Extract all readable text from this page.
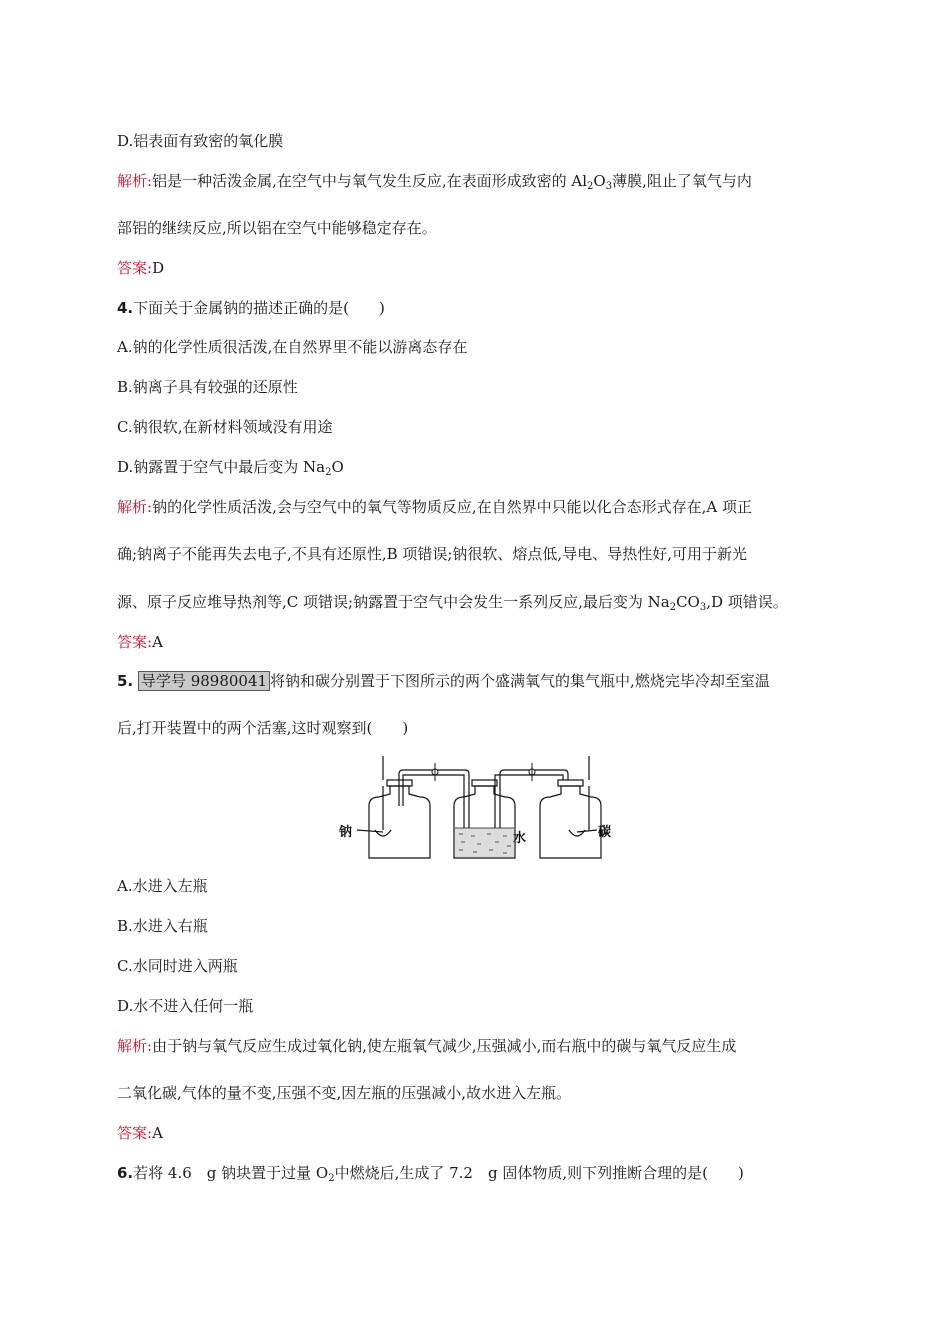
D.铝表面有致密的氧化膜
解析:铝是一种活泼金属,在空气中与氧气发生反应,在表面形成致密的 $Al_2O_3$薄膜,阻止了氧气与内
部铝的继续反应,所以铝在空气中能够稳定存在。
答案:D
4.下面关于金属钠的描述正确的是(　　)
A.钠的化学性质很活泼,在自然界里不能以游离态存在
B.钠离子具有较强的还原性
C.钠很软,在新材料领域没有用途
D.钠露置于空气中最后变为 $Na_2O$
解析:钠的化学性质活泼,会与空气中的氧气等物质反应,在自然界中只能以化合态形式存在,A 项正
确;钠离子不能再失去电子,不具有还原性,B 项错误;钠很软、熔点低,导电、导热性好,可用于新光
源、原子反应堆导热剂等,C 项错误;钠露置于空气中会发生一系列反应,最后变为 $Na_2CO_3,D$ 项错误。
答案:A
5. 导学号 98980041 将钠和碳分别置于下图所示的两个盛满氧气的集气瓶中,燃烧完毕冷却至室温
后,打开装置中的两个活塞,这时观察到(　　)
钠	水	碳
A.水进入左瓶
B.水进入右瓶
C.水同时进入两瓶
D.水不进入任何一瓶
解析:由于钠与氧气反应生成过氧化钠,使左瓶氧气减少,压强减小,而右瓶中的碳与氧气反应生成
二氧化碳,气体的量不变,压强不变,因左瓶的压强减小,故水进入左瓶。
答案:A
6.若将 4.6　g 钠块置于过量 $O_2$中燃烧后,生成了 7.2　g 固体物质,则下列推断合理的是(　　)
